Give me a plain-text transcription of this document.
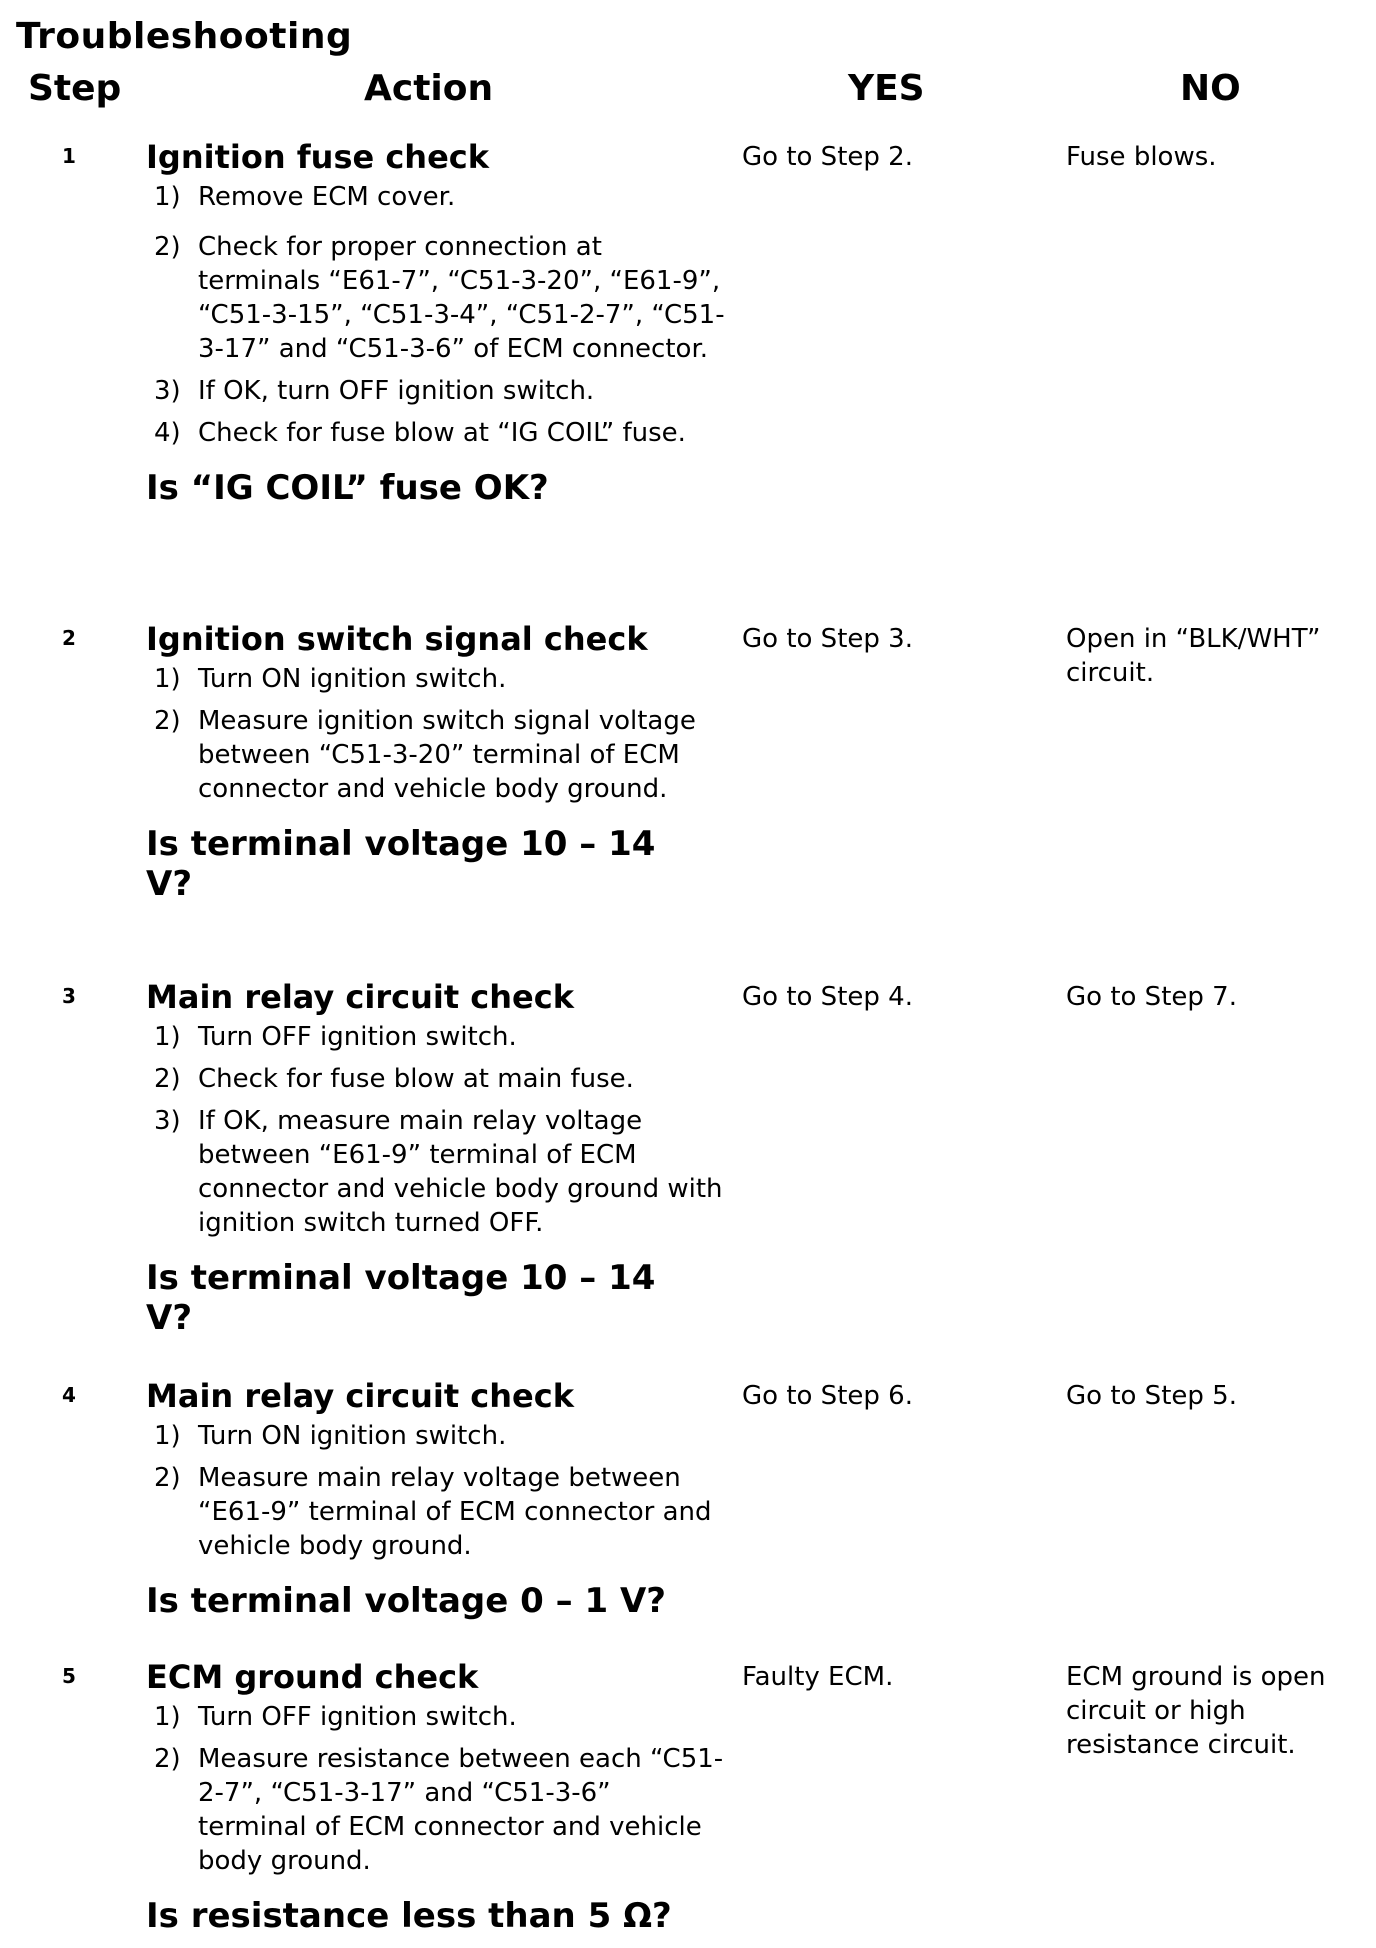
Troubleshooting
Step	Action	YES	NO
1 Ignition fuse check
1) Remove ECM cover.
2) Check for proper connection at terminals “E61-7”, “C51-3-20”, “E61-9”, “C51-3-15”, “C51-3-4”, “C51-2-7”, “C51-3-17” and “C51-3-6” of ECM connector.
3) If OK, turn OFF ignition switch.
4) Check for fuse blow at “IG COIL” fuse.
Is “IG COIL” fuse OK?
Go to Step 2.	Fuse blows.
2 Ignition switch signal check
1) Turn ON ignition switch.
2) Measure ignition switch signal voltage between “C51-3-20” terminal of ECM connector and vehicle body ground.
Is terminal voltage 10 – 14 V?
Go to Step 3.	Open in “BLK/WHT” circuit.
3 Main relay circuit check
1) Turn OFF ignition switch.
2) Check for fuse blow at main fuse.
3) If OK, measure main relay voltage between “E61-9” terminal of ECM connector and vehicle body ground with ignition switch turned OFF.
Is terminal voltage 10 – 14 V?
Go to Step 4.	Go to Step 7.
4 Main relay circuit check
1) Turn ON ignition switch.
2) Measure main relay voltage between “E61-9” terminal of ECM connector and vehicle body ground.
Is terminal voltage 0 – 1 V?
Go to Step 6.	Go to Step 5.
5 ECM ground check
1) Turn OFF ignition switch.
2) Measure resistance between each “C51-2-7”, “C51-3-17” and “C51-3-6” terminal of ECM connector and vehicle body ground.
Is resistance less than 5 Ω?
Faulty ECM.	ECM ground is open circuit or high resistance circuit.
